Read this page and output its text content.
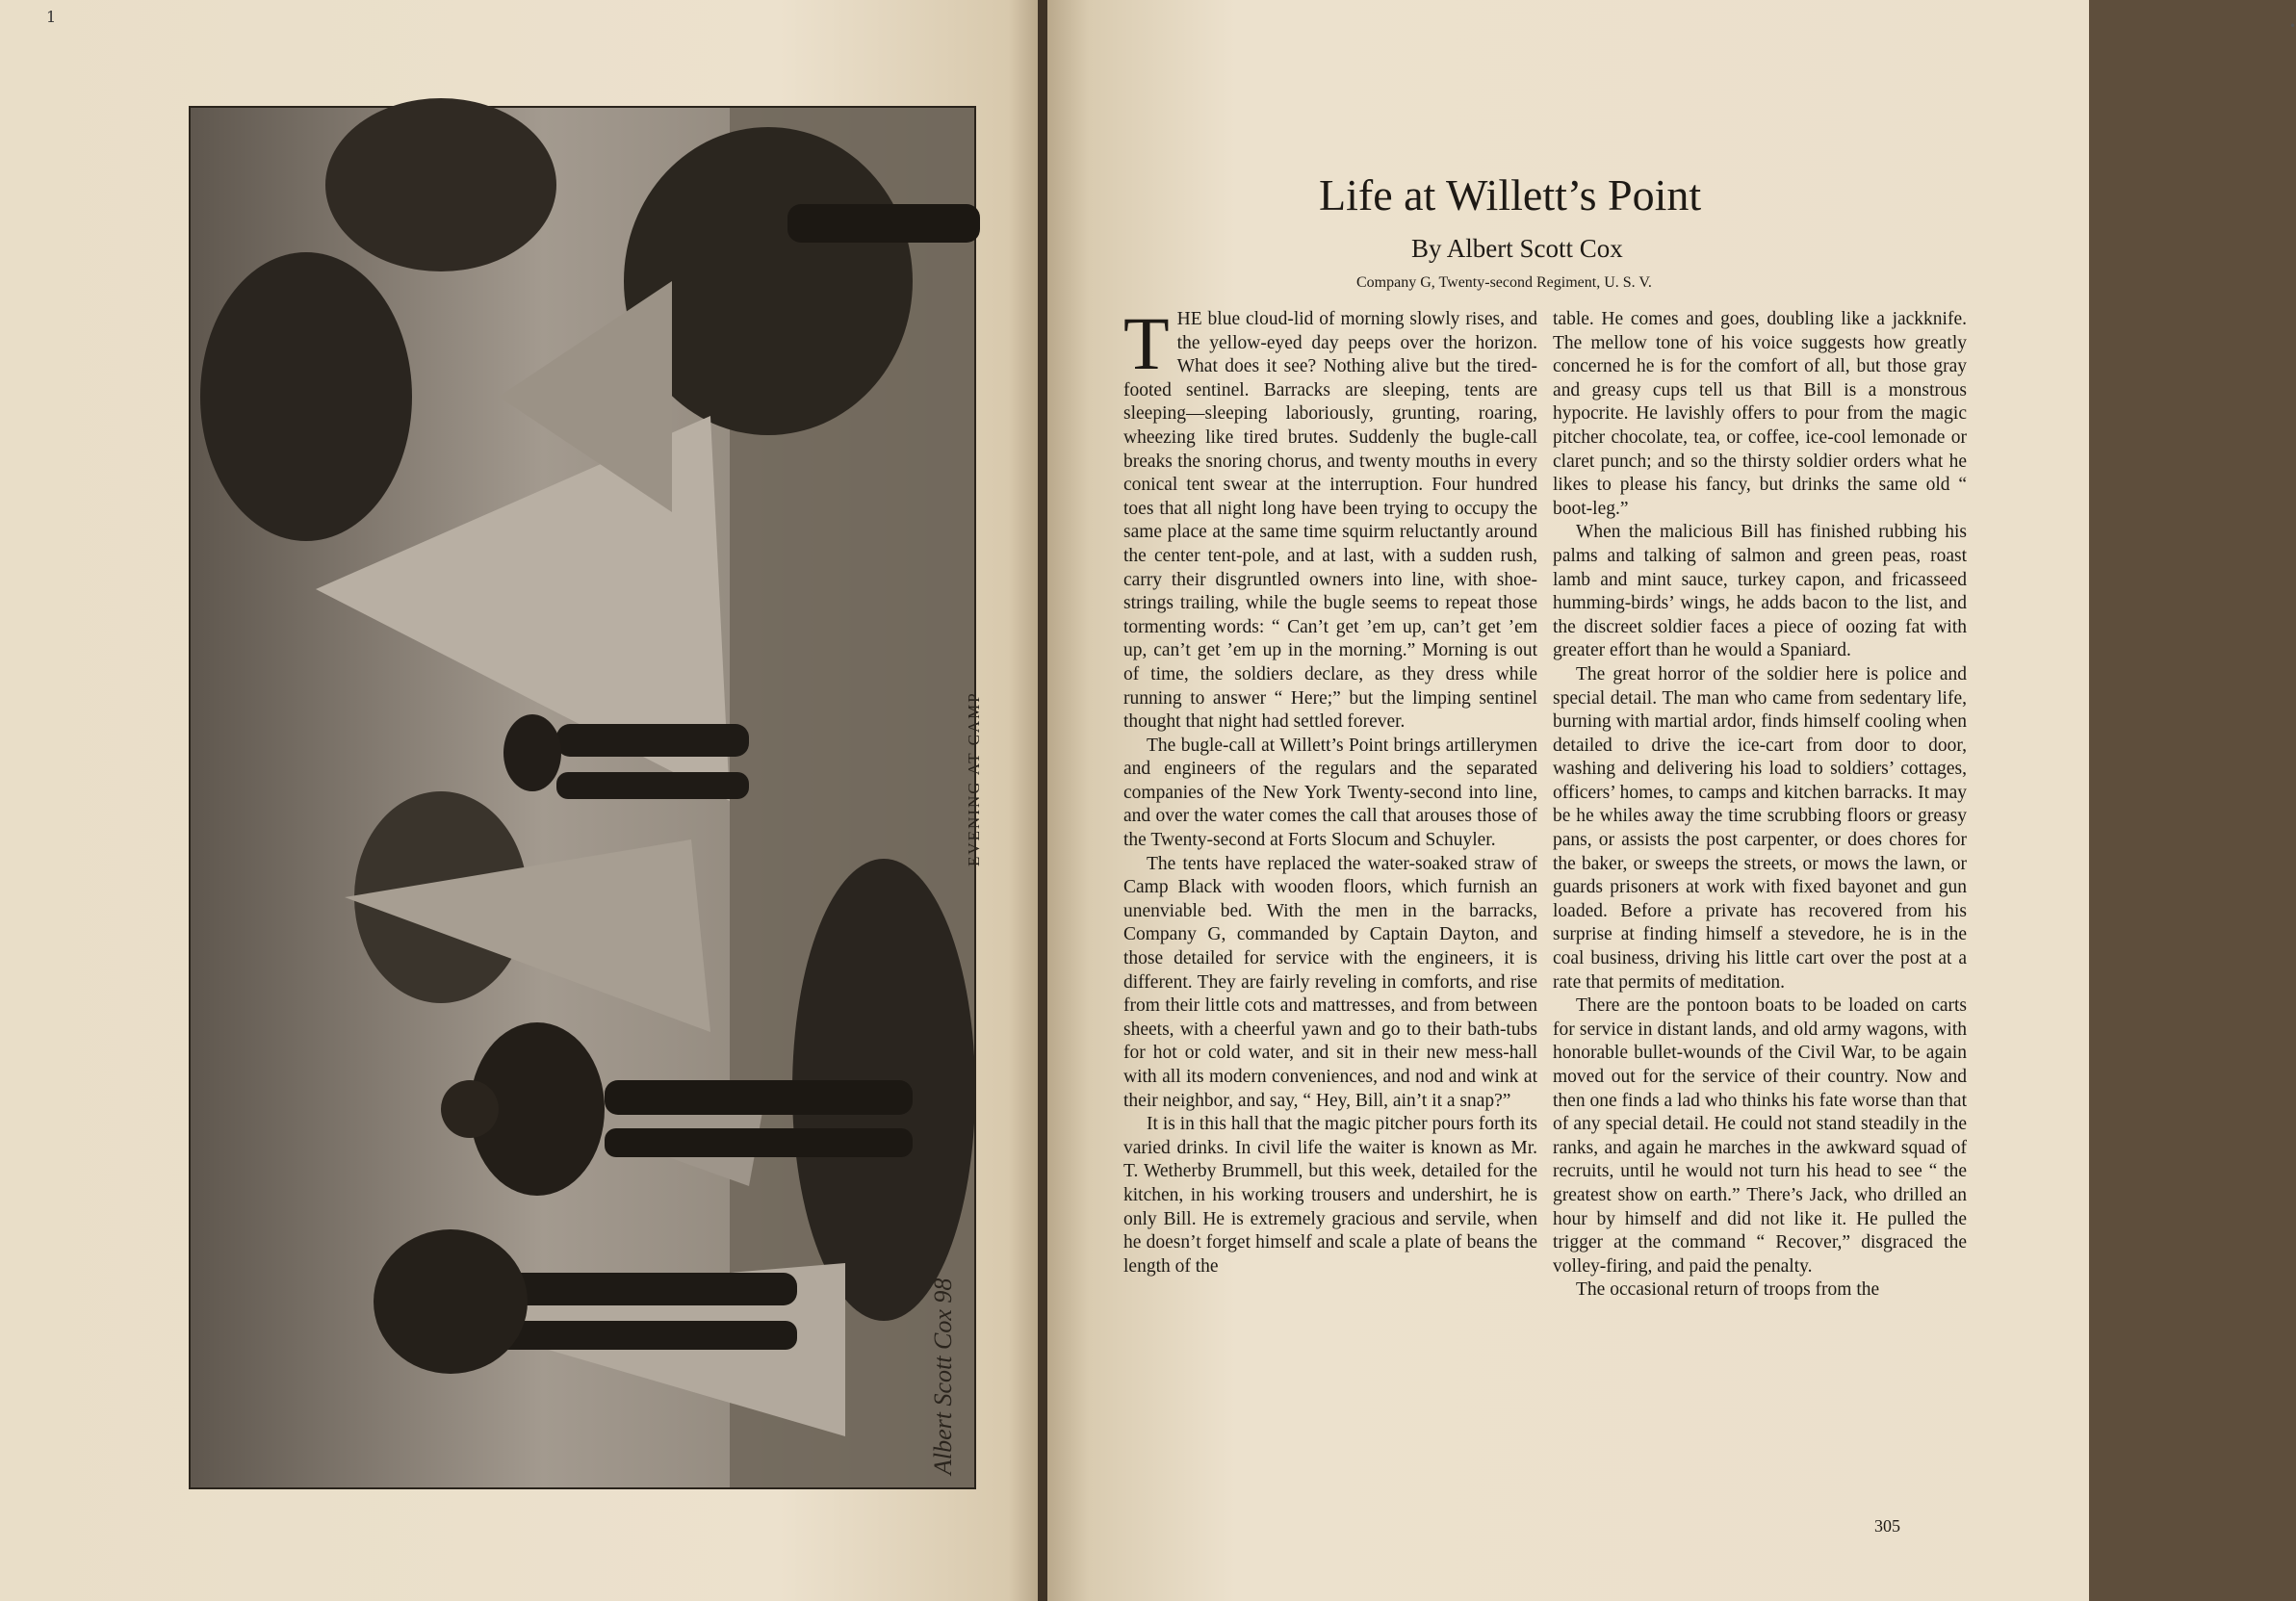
1
Albert Scott Cox 98
EVENING AT CAMP
•
Life at Willett’s Point
By Albert Scott Cox
Company G, Twenty-second Regiment, U. S. V.

THE blue cloud-lid of morning slowly rises, and the yellow-eyed day peeps over the horizon. What does it see? Nothing alive but the tired-footed sentinel. Barracks are sleeping, tents are sleeping—sleeping laboriously, grunting, roaring, wheezing like tired brutes. Suddenly the bugle-call breaks the snoring chorus, and twenty mouths in every conical tent swear at the interruption. Four hundred toes that all night long have been trying to occupy the same place at the same time squirm reluctantly around the center tent-pole, and at last, with a sudden rush, carry their disgruntled owners into line, with shoe-strings trailing, while the bugle seems to repeat those tormenting words: “ Can’t get ’em up, can’t get ’em up, can’t get ’em up in the morning.” Morning is out of time, the soldiers declare, as they dress while running to answer “ Here;” but the limping sentinel thought that night had settled forever.

The bugle-call at Willett’s Point brings artillerymen and engineers of the regulars and the separated companies of the New York Twenty-second into line, and over the water comes the call that arouses those of the Twenty-second at Forts Slocum and Schuyler.

The tents have replaced the water-soaked straw of Camp Black with wooden floors, which furnish an unenviable bed. With the men in the barracks, Company G, commanded by Captain Dayton, and those detailed for service with the engineers, it is different. They are fairly reveling in comforts, and rise from their little cots and mattresses, and from between sheets, with a cheerful yawn and go to their bath-tubs for hot or cold water, and sit in their new mess-hall with all its modern conveniences, and nod and wink at their neighbor, and say, “ Hey, Bill, ain’t it a snap?”

It is in this hall that the magic pitcher pours forth its varied drinks. In civil life the waiter is known as Mr. T. Wetherby Brummell, but this week, detailed for the kitchen, in his working trousers and undershirt, he is only Bill. He is extremely gracious and servile, when he doesn’t forget himself and scale a plate of beans the length of the

table. He comes and goes, doubling like a jackknife. The mellow tone of his voice suggests how greatly concerned he is for the comfort of all, but those gray and greasy cups tell us that Bill is a monstrous hypocrite. He lavishly offers to pour from the magic pitcher chocolate, tea, or coffee, ice-cool lemonade or claret punch; and so the thirsty soldier orders what he likes to please his fancy, but drinks the same old “ boot-leg.”

When the malicious Bill has finished rubbing his palms and talking of salmon and green peas, roast lamb and mint sauce, turkey capon, and fricasseed humming-birds’ wings, he adds bacon to the list, and the discreet soldier faces a piece of oozing fat with greater effort than he would a Spaniard.

The great horror of the soldier here is police and special detail. The man who came from sedentary life, burning with martial ardor, finds himself cooling when detailed to drive the ice-cart from door to door, washing and delivering his load to soldiers’ cottages, officers’ homes, to camps and kitchen barracks. It may be he whiles away the time scrubbing floors or greasy pans, or assists the post carpenter, or does chores for the baker, or sweeps the streets, or mows the lawn, or guards prisoners at work with fixed bayonet and gun loaded. Before a private has recovered from his surprise at finding himself a stevedore, he is in the coal business, driving his little cart over the post at a rate that permits of meditation.

There are the pontoon boats to be loaded on carts for service in distant lands, and old army wagons, with honorable bullet-wounds of the Civil War, to be again moved out for the service of their country. Now and then one finds a lad who thinks his fate worse than that of any special detail. He could not stand steadily in the ranks, and again he marches in the awkward squad of recruits, until he would not turn his head to see “ the greatest show on earth.” There’s Jack, who drilled an hour by himself and did not like it. He pulled the trigger at the command “ Recover,” disgraced the volley-firing, and paid the penalty.

The occasional return of troops from the

305
